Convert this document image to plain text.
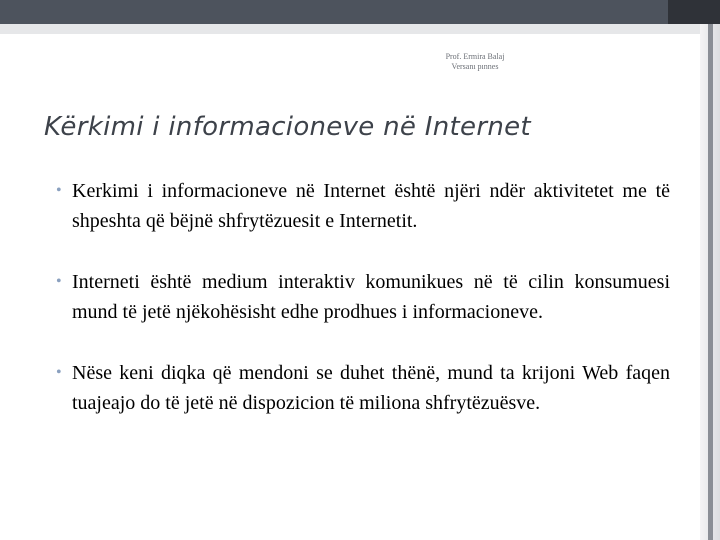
Prof. Ermira Balaj
Versanı pınnes
Kërkimi i informacioneve në Internet
• Kerkimi i informacioneve në Internet është njëri ndër aktivitetet me të shpeshta që bëjnë shfrytëzuesit e Internetit.
• Interneti është medium interaktiv komunikues në të cilin konsumuesi mund të jetë njëkohësisht edhe prodhues i informacioneve.
• Nëse keni diqka që mendoni se duhet thënë, mund ta krijoni Web faqen tuajeajo do të jetë në dispozicion të miliona shfrytëzuësve.
